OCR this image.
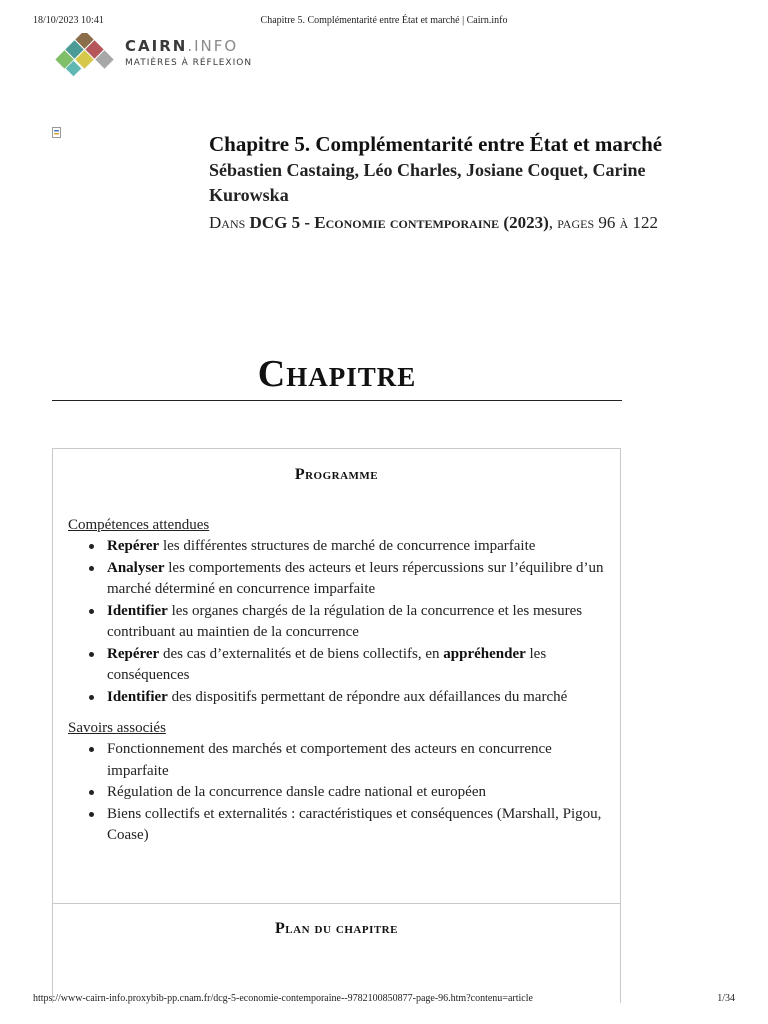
18/10/2023 10:41	Chapitre 5. Complémentarité entre État et marché | Cairn.info
CAIRN.INFO
MATIÈRES À RÉFLEXION
Chapitre 5. Complémentarité entre État et marché
Sébastien Castaing, Léo Charles, Josiane Coquet, Carine Kurowska
Dans DCG 5 - Economie contemporaine (2023), pages 96 à 122
Chapitre
Programme
Compétences attendues
Repérer les différentes structures de marché de concurrence imparfaite
Analyser les comportements des acteurs et leurs répercussions sur l’équilibre d’un marché déterminé en concurrence imparfaite
Identifier les organes chargés de la régulation de la concurrence et les mesures contribuant au maintien de la concurrence
Repérer des cas d’externalités et de biens collectifs, en appréhender les conséquences
Identifier des dispositifs permettant de répondre aux défaillances du marché
Savoirs associés
Fonctionnement des marchés et comportement des acteurs en concurrence imparfaite
Régulation de la concurrence dansle cadre national et européen
Biens collectifs et externalités : caractéristiques et conséquences (Marshall, Pigou, Coase)
Plan du chapitre
https://www-cairn-info.proxybib-pp.cnam.fr/dcg-5-economie-contemporaine--9782100850877-page-96.htm?contenu=article	1/34
